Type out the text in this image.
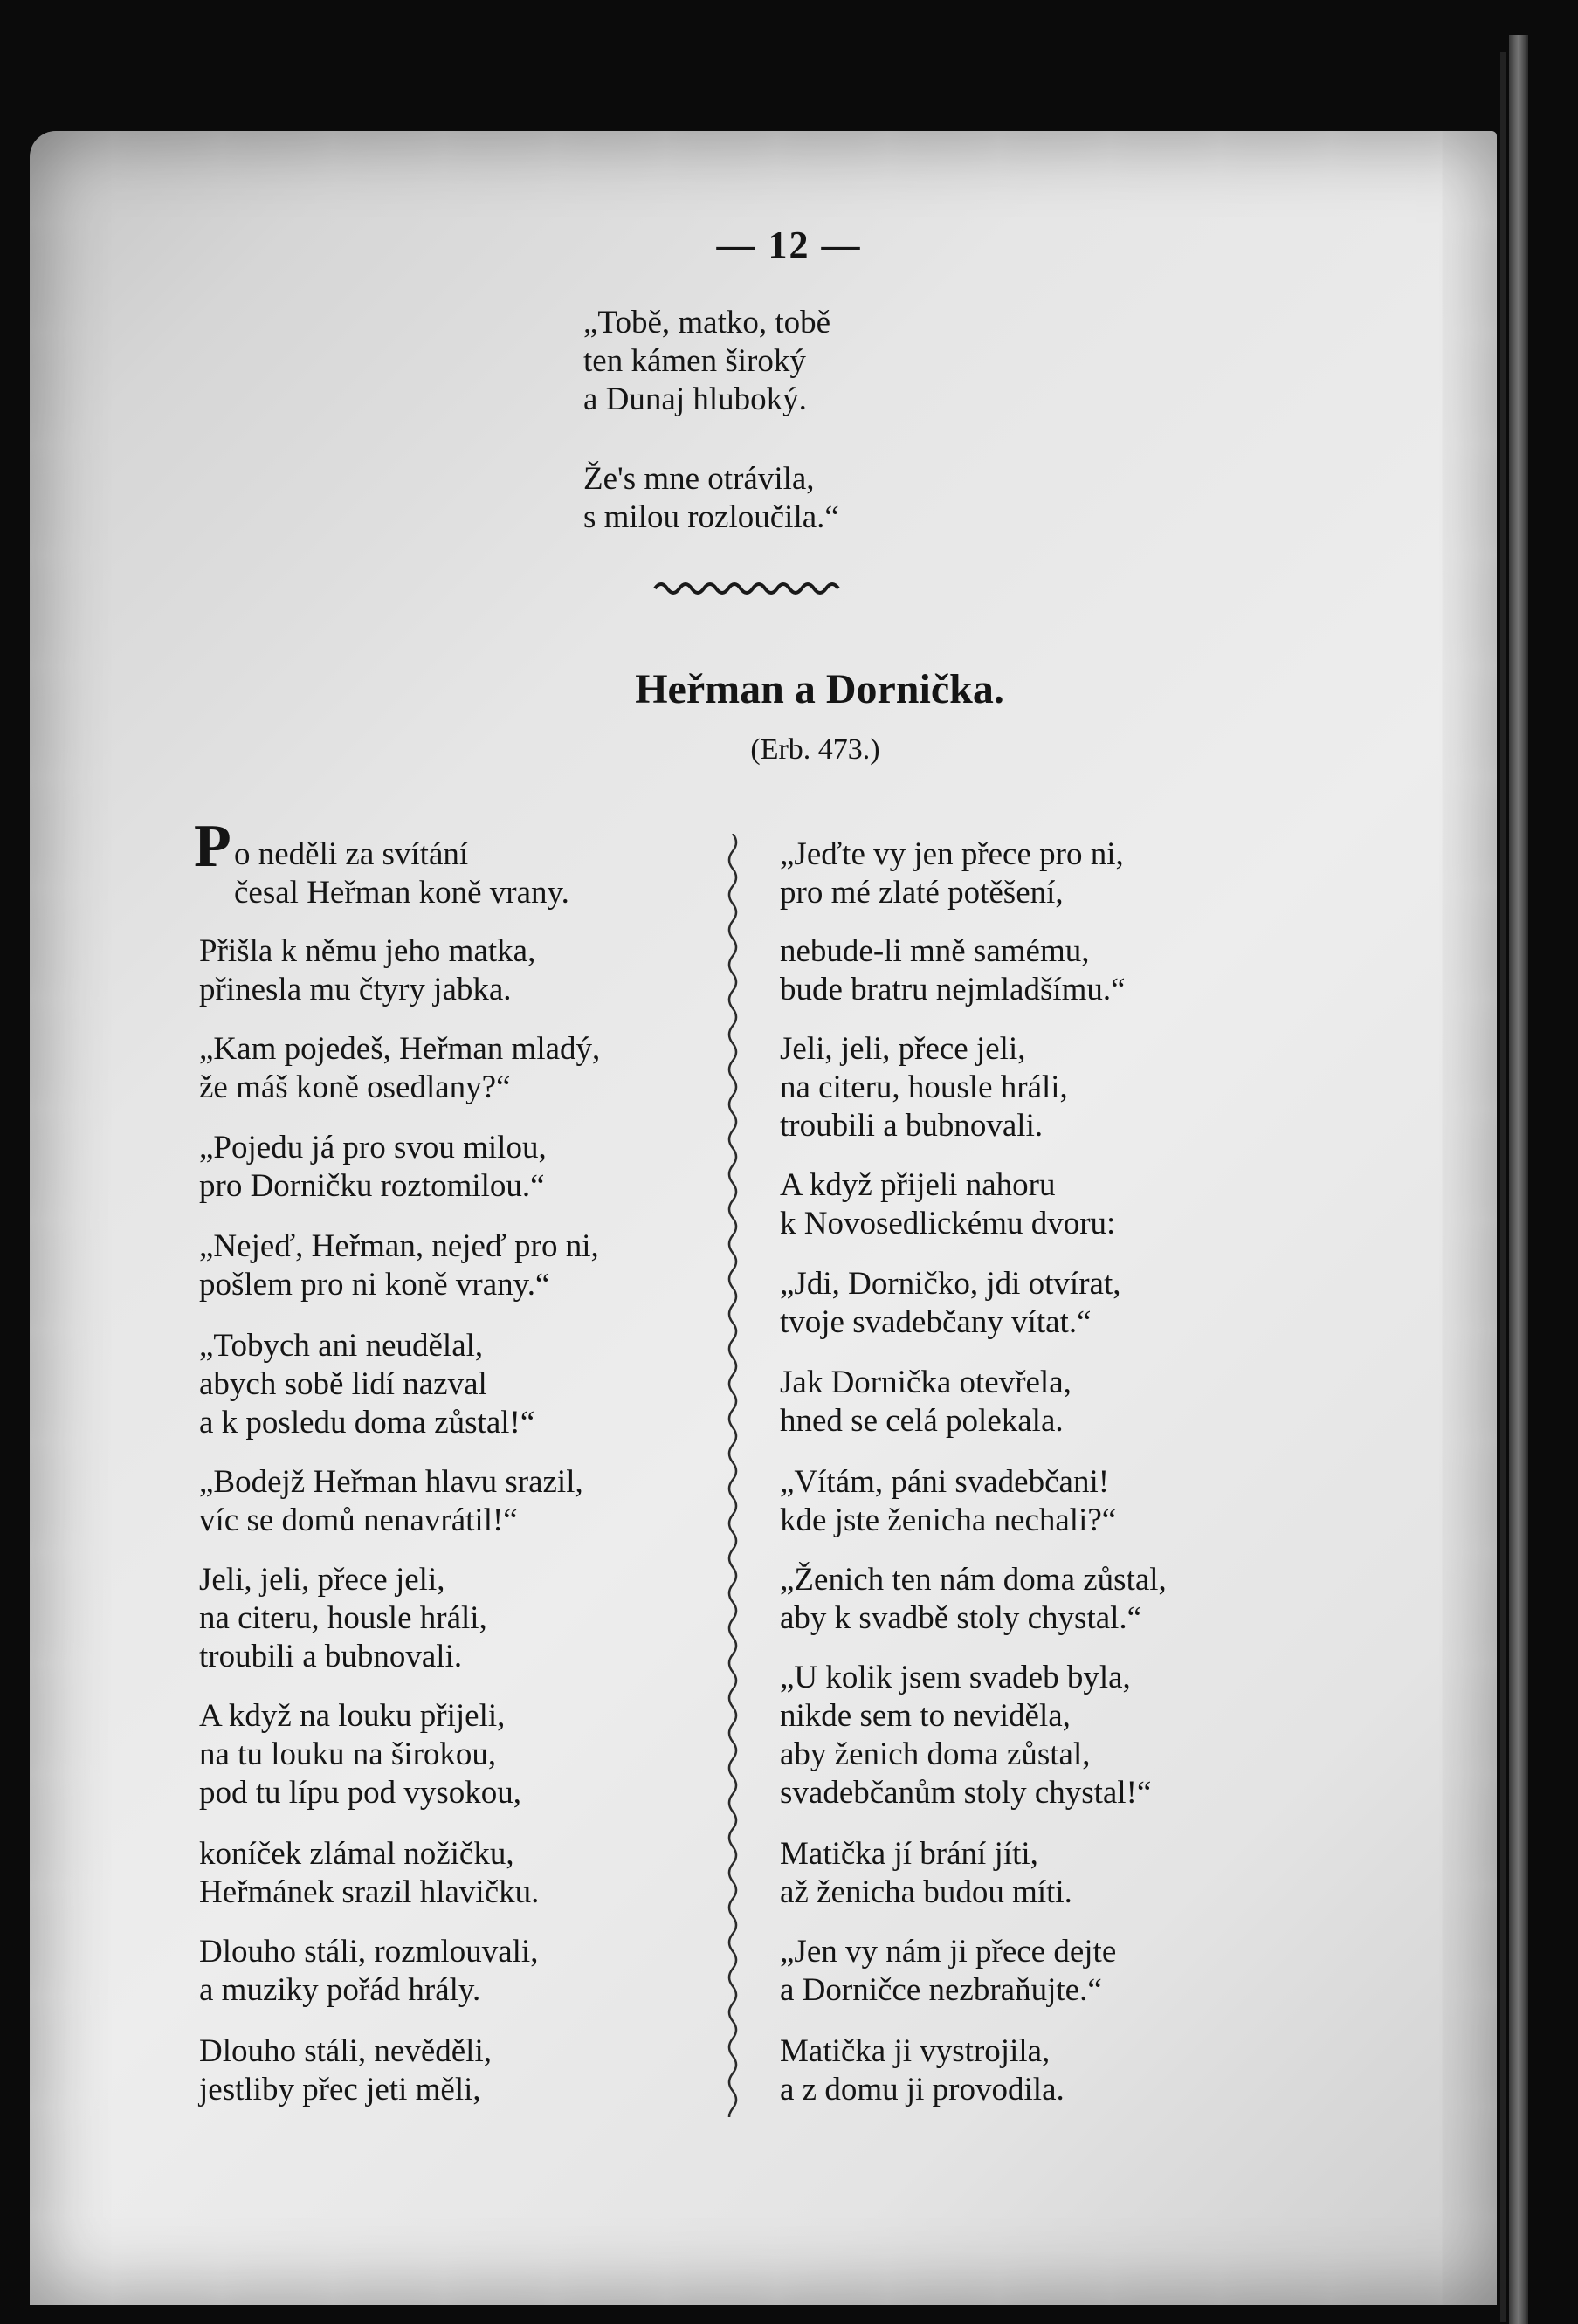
— 12 —
„Tobě, matko, tobě
ten kámen široký
a Dunaj hluboký.
Že's mne otrávila,
s milou rozloučila.“
Heřman a Dornička.
(Erb. 473.)
P o neděli za svítání
česal Heřman koně vrany.
Přišla k němu jeho matka,
přinesla mu čtyry jabka.
„Kam pojedeš, Heřman mladý,
že máš koně osedlany?“
„Pojedu já pro svou milou,
pro Dorničku roztomilou.“
„Nejeď, Heřman, nejeď pro ni,
pošlem pro ni koně vrany.“
„Tobych ani neudělal,
abych sobě lidí nazval
a k posledu doma zůstal!“
„Bodejž Heřman hlavu srazil,
víc se domů nenavrátil!“
Jeli, jeli, přece jeli,
na citeru, housle hráli,
troubili a bubnovali.
A když na louku přijeli,
na tu louku na širokou,
pod tu lípu pod vysokou,
koníček zlámal nožičku,
Heřmánek srazil hlavičku.
Dlouho stáli, rozmlouvali,
a muziky pořád hrály.
Dlouho stáli, nevěděli,
jestliby přec jeti měli,
„Jeďte vy jen přece pro ni,
pro mé zlaté potěšení,
nebude-li mně samému,
bude bratru nejmladšímu.“
Jeli, jeli, přece jeli,
na citeru, housle hráli,
troubili a bubnovali.
A když přijeli nahoru
k Novosedlickému dvoru:
„Jdi, Dorničko, jdi otvírat,
tvoje svadebčany vítat.“
Jak Dornička otevřela,
hned se celá polekala.
„Vítám, páni svadebčani!
kde jste ženicha nechali?“
„Ženich ten nám doma zůstal,
aby k svadbě stoly chystal.“
„U kolik jsem svadeb byla,
nikde sem to neviděla,
aby ženich doma zůstal,
svadebčanům stoly chystal!“
Matička jí brání jíti,
až ženicha budou míti.
„Jen vy nám ji přece dejte
a Dorničce nezbraňujte.“
Matička ji vystrojila,
a z domu ji provodila.
